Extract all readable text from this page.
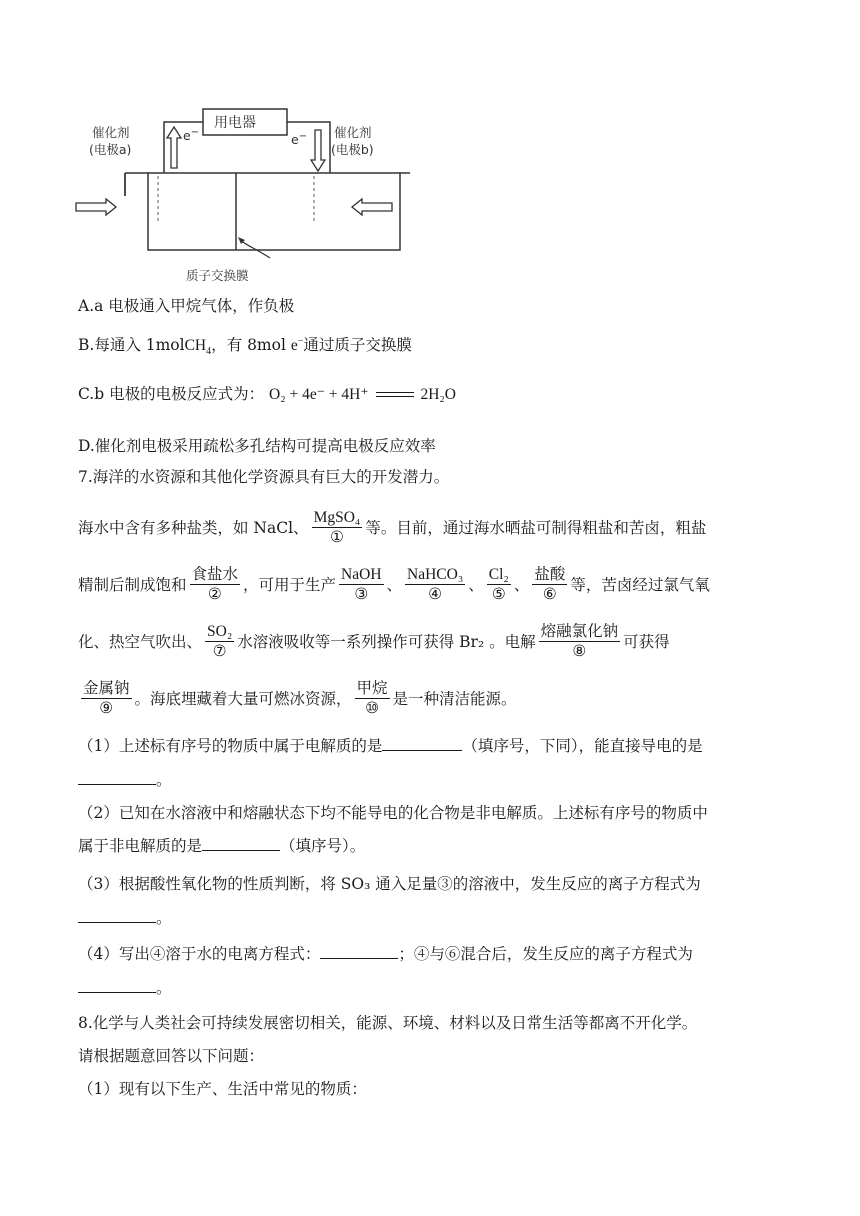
用电器
e−	e−
催化剂
(电极a)
催化剂
(电极b)
质子交换膜
A.a 电极通入甲烷气体，作负极
B.每通入 1molCH$_4$，有 8mol e−通过质子交换膜
C.b 电极的电极反应式为： O₂ + 4e⁻ + 4H⁺	2H₂O
D.催化剂电极采用疏松多孔结构可提高电极反应效率
7.海洋的水资源和其他化学资源具有巨大的开发潜力。
海水中含有多种盐类，如 NaCl、 $\frac{\text{MgSO₄}}{\text{①}}$ 等。目前，通过海水晒盐可制得粗盐和苦卤，粗盐
精制后制成饱和 $\frac{\text{食盐水}}{\text{②}}$ ，可用于生产 $\frac{\text{NaOH}}{\text{③}}$ 、 $\frac{\text{NaHCO₃}}{\text{④}}$ 、 $\frac{\text{Cl₂}}{\text{⑤}}$ 、 $\frac{\text{盐酸}}{\text{⑥}}$ 等，苦卤经过氯气氧
化、热空气吹出、 $\frac{\text{SO₂}}{\text{⑦}}$ 水溶液吸收等一系列操作可获得 Br₂ 。电解 $\frac{\text{熔融氯化钠}}{\text{⑧}}$ 可获得
$\frac{\text{金属钠}}{\text{⑨}}$ 。海底埋藏着大量可燃冰资源， $\frac{\text{甲烷}}{\text{⑩}}$ 是一种清洁能源。
（1）上述标有序号的物质中属于电解质的是	（填序号，下同），能直接导电的是
。
（2）已知在水溶液中和熔融状态下均不能导电的化合物是非电解质。上述标有序号的物质中
属于非电解质的是	（填序号）。
（3）根据酸性氧化物的性质判断，将 SO₃ 通入足量③的溶液中，发生反应的离子方程式为
。
（4）写出④溶于水的电离方程式：	；④与⑥混合后，发生反应的离子方程式为
。
8.化学与人类社会可持续发展密切相关，能源、环境、材料以及日常生活等都离不开化学。
请根据题意回答以下问题：
（1）现有以下生产、生活中常见的物质：
